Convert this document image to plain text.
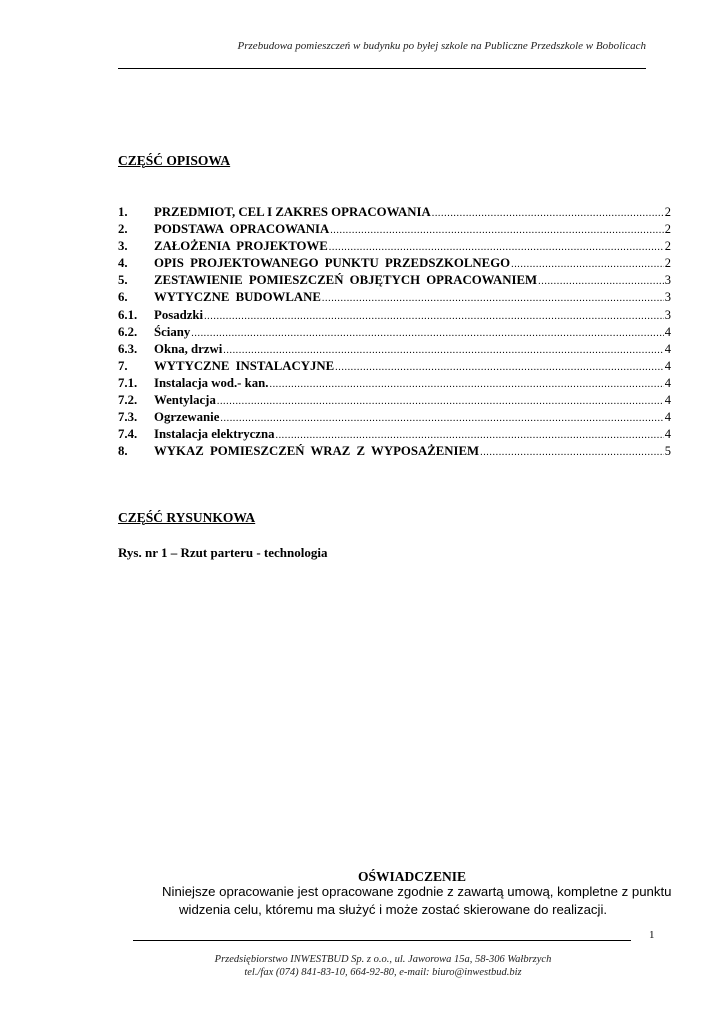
Przebudowa pomieszczeń w budynku po byłej szkole na Publiczne Przedszkole w Bobolicach
CZĘŚĆ OPISOWA
1.	PRZEDMIOT, CEL I ZAKRES OPRACOWANIA .....	2
2.	PODSTAWA OPRACOWANIA .....	2
3.	ZAŁOŻENIA PROJEKTOWE .....	2
4.	OPIS PROJEKTOWANEGO PUNKTU PRZEDSZKOLNEGO .....	2
5.	ZESTAWIENIE POMIESZCZEŃ OBJĘTYCH OPRACOWANIEM .....	3
6.	WYTYCZNE BUDOWLANE .....	3
6.1.	Posadzki .....	3
6.2.	Ściany .....	4
6.3.	Okna, drzwi .....	4
7.	WYTYCZNE INSTALACYJNE .....	4
7.1.	Instalacja wod.- kan. .....	4
7.2.	Wentylacja .....	4
7.3.	Ogrzewanie .....	4
7.4.	Instalacja elektryczna .....	4
8.	WYKAZ POMIESZCZEŃ WRAZ Z WYPOSAŻENIEM .....	5
CZĘŚĆ RYSUNKOWA
Rys. nr 1 – Rzut parteru - technologia
OŚWIADCZENIE
Niniejsze opracowanie jest opracowane zgodnie z zawartą umową, kompletne z punktu
widzenia celu, któremu ma służyć i może zostać skierowane do realizacji.
1
Przedsiębiorstwo INWESTBUD Sp. z o.o., ul. Jaworowa 15a, 58-306 Wałbrzych
tel./fax (074) 841-83-10, 664-92-80, e-mail: biuro@inwestbud.biz
